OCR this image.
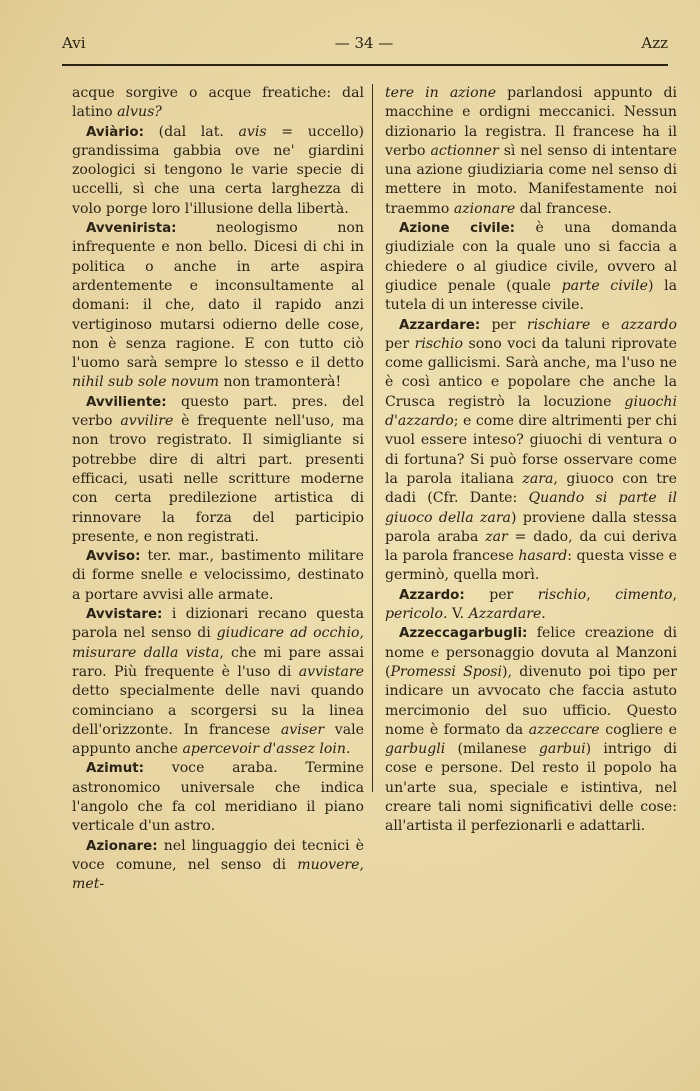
Avi	— 34 —	Azz

acque sorgive o acque freatiche: dal latino alvus?

Aviàrio: (dal lat. avis = uccello) grandissima gabbia ove ne' giardini zoologici si tengono le varie specie di uccelli, sì che una certa larghezza di volo porge loro l'illusione della libertà.

Avvenirista: neologismo non infrequente e non bello. Dicesi di chi in politica o anche in arte aspira ardentemente e inconsultamente al domani: il che, dato il rapido anzi vertiginoso mutarsi odierno delle cose, non è senza ragione. E con tutto ciò l'uomo sarà sempre lo stesso e il detto nihil sub sole novum non tramonterà!

Avviliente: questo part. pres. del verbo avvilire è frequente nell'uso, ma non trovo registrato. Il simigliante si potrebbe dire di altri part. presenti efficaci, usati nelle scritture moderne con certa predilezione artistica di rinnovare la forza del participio presente, e non registrati.

Avviso: ter. mar., bastimento militare di forme snelle e velocissimo, destinato a portare avvisi alle armate.

Avvistare: i dizionari recano questa parola nel senso di giudicare ad occhio, misurare dalla vista, che mi pare assai raro. Più frequente è l'uso di avvistare detto specialmente delle navi quando cominciano a scorgersi su la linea dell'orizzonte. In francese aviser vale appunto anche apercevoir d'assez loin.

Azimut: voce araba. Termine astronomico universale che indica l'angolo che fa col meridiano il piano verticale d'un astro.

Azionare: nel linguaggio dei tecnici è voce comune, nel senso di muovere, met-

tere in azione parlandosi appunto di macchine e ordigni meccanici. Nessun dizionario la registra. Il francese ha il verbo actionner sì nel senso di intentare una azione giudiziaria come nel senso di mettere in moto. Manifestamente noi traemmo azionare dal francese.

Azione civile: è una domanda giudiziale con la quale uno si faccia a chiedere o al giudice civile, ovvero al giudice penale (quale parte civile) la tutela di un interesse civile.

Azzardare: per rischiare e azzardo per rischio sono voci da taluni riprovate come gallicismi. Sarà anche, ma l'uso ne è così antico e popolare che anche la Crusca registrò la locuzione giuochi d'azzardo; e come dire altrimenti per chi vuol essere inteso? giuochi di ventura o di fortuna? Si può forse osservare come la parola italiana zara, giuoco con tre dadi (Cfr. Dante: Quando si parte il giuoco della zara) proviene dalla stessa parola araba zar = dado, da cui deriva la parola francese hasard: questa visse e germinò, quella morì.

Azzardo: per rischio, cimento, pericolo. V. Azzardare.

Azzeccagarbugli: felice creazione di nome e personaggio dovuta al Manzoni (Promessi Sposi), divenuto poi tipo per indicare un avvocato che faccia astuto mercimonio del suo ufficio. Questo nome è formato da azzeccare cogliere e garbugli (milanese garbui) intrigo di cose e persone. Del resto il popolo ha un'arte sua, speciale e istintiva, nel creare tali nomi significativi delle cose: all'artista il perfezionarli e adattarli.
